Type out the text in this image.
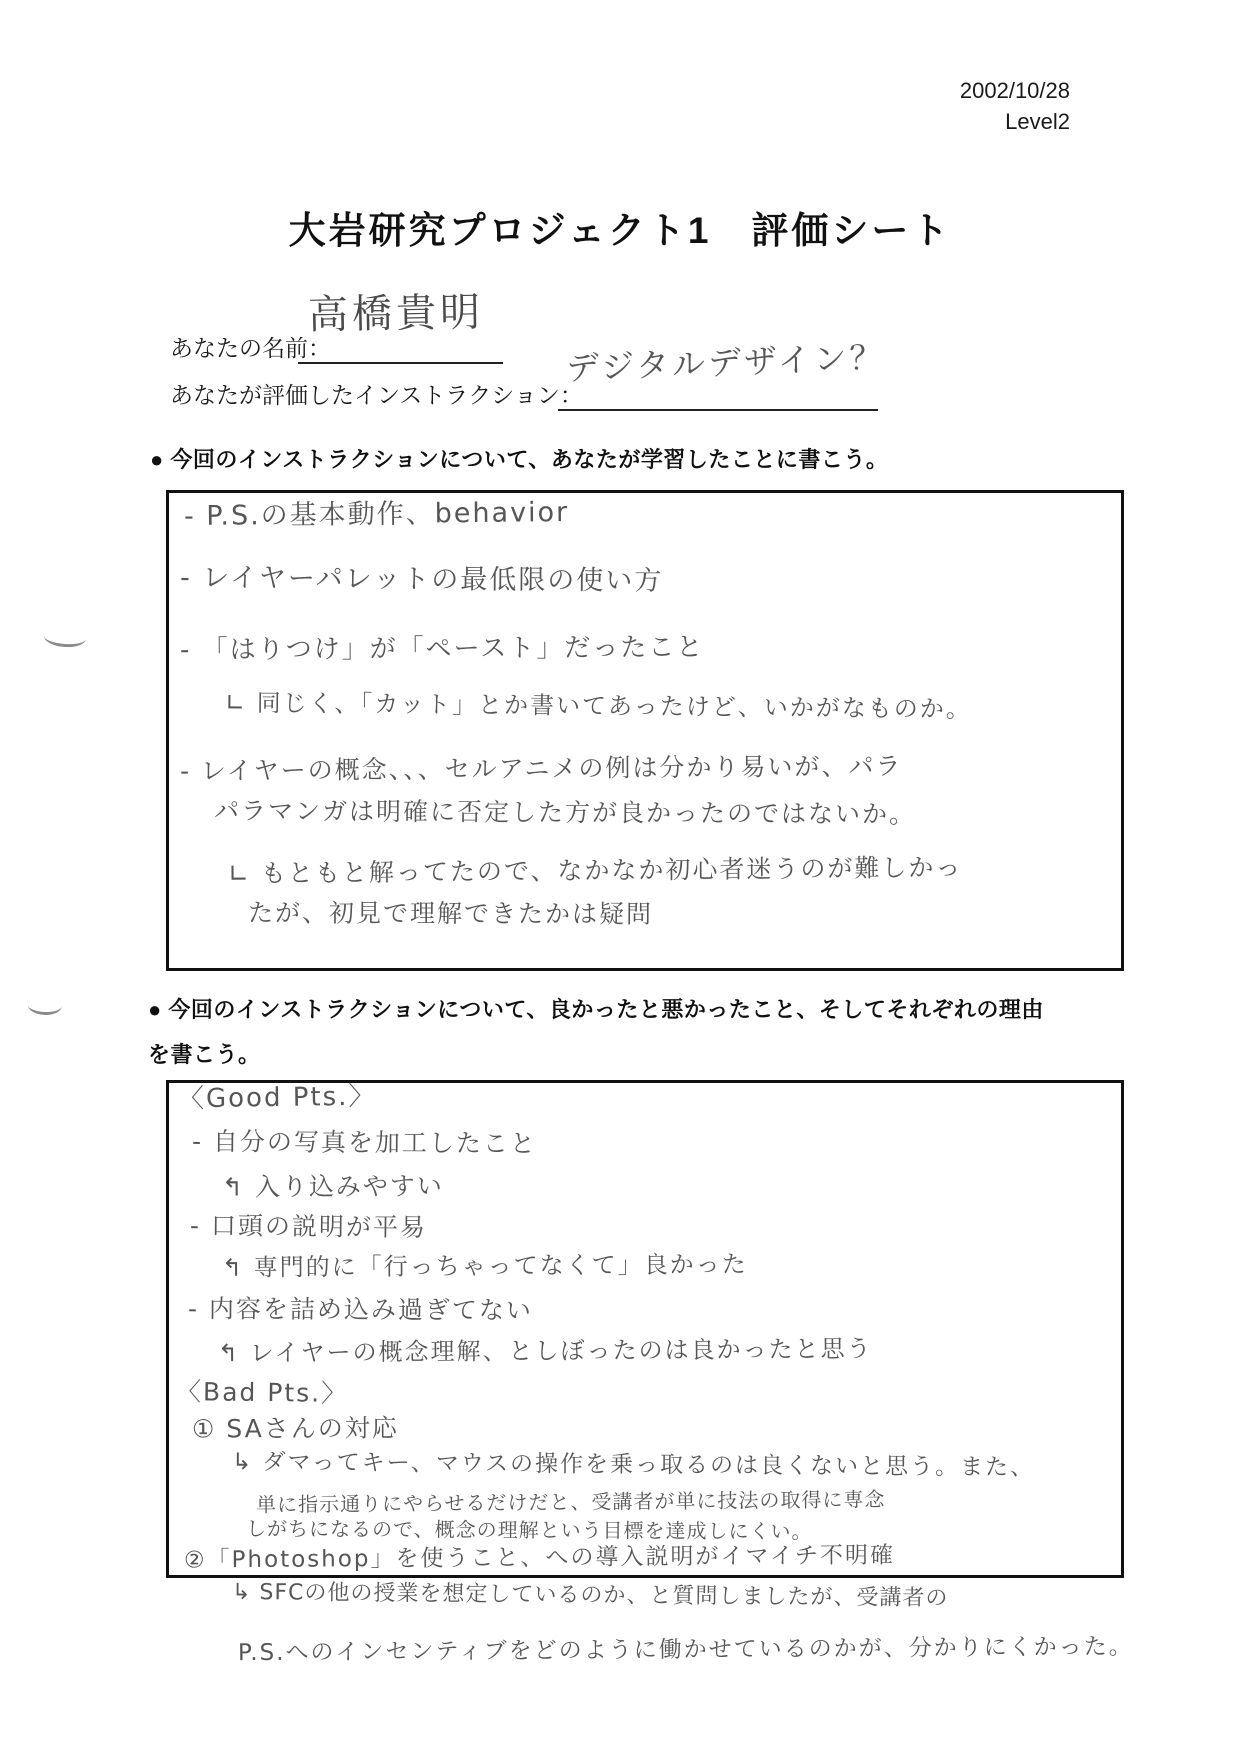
2002/10/28
Level2
大岩研究プロジェクト1　評価シート
あなたの名前：
高橋貴明
あなたが評価したインストラクション：
デジタルデザイン？
● 今回のインストラクションについて、あなたが学習したことに書こう。
- P.S.の基本動作、behavior
- レイヤーパレットの最低限の使い方
- 「はりつけ」が「ペースト」だったこと
∟ 同じく、「カット」とか書いてあったけど、いかがなものか。
- レイヤーの概念、、、セルアニメの例は分かり易いが、パラ
パラマンガは明確に否定した方が良かったのではないか。
∟ もともと解ってたので、なかなか初心者迷うのが難しかっ
たが、初見で理解できたかは疑問
● 今回のインストラクションについて、良かったと悪かったこと、そしてそれぞれの理由
を書こう。
〈Good Pts.〉
- 自分の写真を加工したこと
↰ 入り込みやすい
- 口頭の説明が平易
↰ 専門的に「行っちゃってなくて」良かった
- 内容を詰め込み過ぎてない
↰ レイヤーの概念理解、としぼったのは良かったと思う
〈Bad Pts.〉
① SAさんの対応
↳ ダマってキー、マウスの操作を乗っ取るのは良くないと思う。また、
単に指示通りにやらせるだけだと、受講者が単に技法の取得に専念
しがちになるので、概念の理解という目標を達成しにくい。
②「Photoshop」を使うこと、への導入説明がイマイチ不明確
↳ SFCの他の授業を想定しているのか、と質問しましたが、受講者の
P.S.へのインセンティブをどのように働かせているのかが、分かりにくかった。
